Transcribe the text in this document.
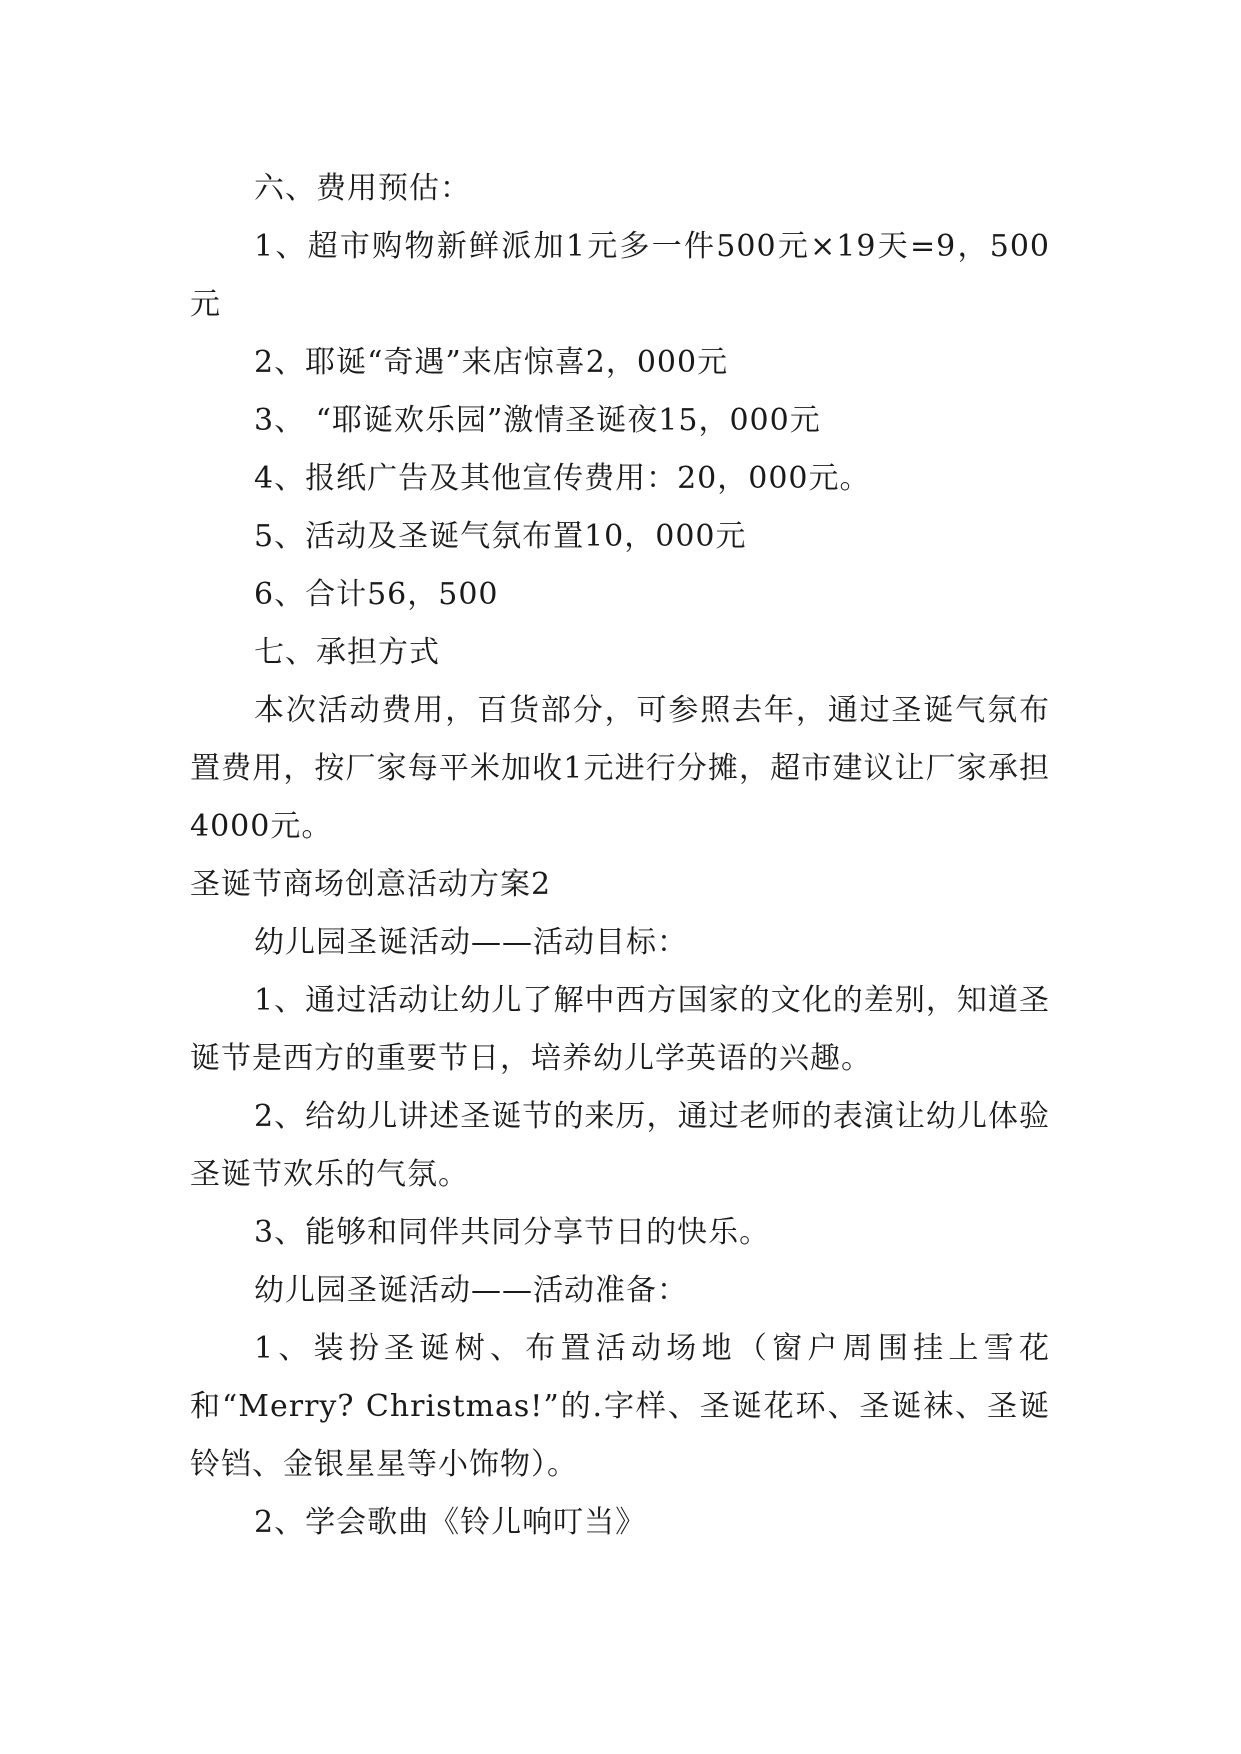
六、费用预估：

1、超市购物新鲜派加1元多一件500元×19天=9，500元

2、耶诞“奇遇”来店惊喜2，000元

3、 “耶诞欢乐园”激情圣诞夜15，000元

4、报纸广告及其他宣传费用：20，000元。

5、活动及圣诞气氛布置10，000元

6、合计56，500

七、承担方式

本次活动费用，百货部分，可参照去年，通过圣诞气氛布置费用，按厂家每平米加收1元进行分摊，超市建议让厂家承担4000元。

圣诞节商场创意活动方案2

幼儿园圣诞活动——活动目标：

1、通过活动让幼儿了解中西方国家的文化的差别，知道圣诞节是西方的重要节日，培养幼儿学英语的兴趣。

2、给幼儿讲述圣诞节的来历，通过老师的表演让幼儿体验圣诞节欢乐的气氛。

3、能够和同伴共同分享节日的快乐。

幼儿园圣诞活动——活动准备：

1、装扮圣诞树、布置活动场地（窗户周围挂上雪花和“Merry? Christmas!”的.字样、圣诞花环、圣诞袜、圣诞铃铛、金银星星等小饰物）。

2、学会歌曲《铃儿响叮当》
